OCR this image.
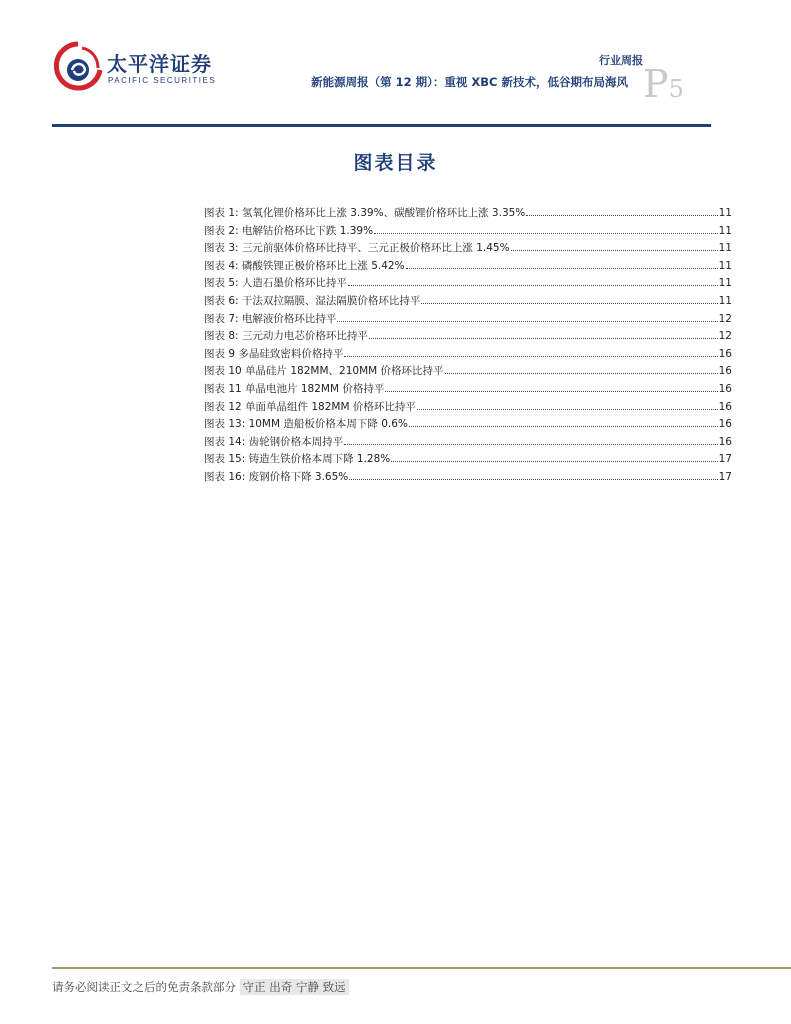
太平洋证券
PACIFIC SECURITIES
行业周报
新能源周报（第 12 期）：重视 XBC 新技术，低谷期布局海风 P5
图表目录
图表 1: 氢氧化锂价格环比上涨 3.39%、碳酸锂价格环比上涨 3.35%	11
图表 2: 电解钴价格环比下跌 1.39%	11
图表 3: 三元前驱体价格环比持平、三元正极价格环比上涨 1.45%	11
图表 4: 磷酸铁锂正极价格环比上涨 5.42%	11
图表 5: 人造石墨价格环比持平	11
图表 6: 干法双拉隔膜、湿法隔膜价格环比持平	11
图表 7: 电解液价格环比持平	12
图表 8: 三元动力电芯价格环比持平	12
图表 9 多晶硅致密料价格持平	16
图表 10 单晶硅片 182MM、210MM 价格环比持平	16
图表 11 单晶电池片 182MM 价格持平	16
图表 12 单面单晶组件 182MM 价格环比持平	16
图表 13: 10MM 造船板价格本周下降 0.6%	16
图表 14: 齿轮钢价格本周持平	16
图表 15: 铸造生铁价格本周下降 1.28%	17
图表 16: 废钢价格下降 3.65%	17
请务必阅读正文之后的免责条款部分 守正 出奇 宁静 致远
